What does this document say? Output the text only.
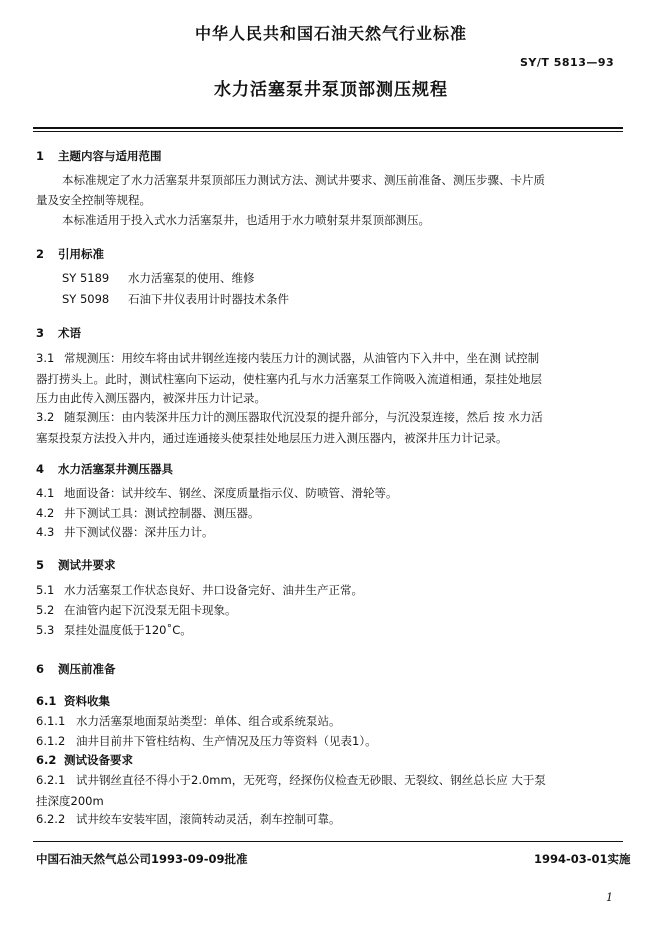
中华人民共和国石油天然气行业标准
SY/T 5813—93
水力活塞泵井泵顶部测压规程
1 主题内容与适用范围
本标准规定了水力活塞泵井泵顶部压力测试方法、测试井要求、测压前准备、测压步骤、卡片质
量及安全控制等规程。
本标准适用于投入式水力活塞泵井，也适用于水力喷射泵井泵顶部测压。
2 引用标准
SY 5189 水力活塞泵的使用、维修
SY 5098 石油下井仪表用计时器技术条件
3 术语
3.1 常规测压：用绞车将由试井钢丝连接内装压力计的测试器，从油管内下入井中，坐在测 试控制
器打捞头上。此时，测试柱塞向下运动，使柱塞内孔与水力活塞泵工作筒吸入流道相通，泵挂处地层
压力由此传入测压器内，被深井压力计记录。
3.2 随泵测压：由内装深井压力计的测压器取代沉没泵的提升部分，与沉没泵连接，然后 按 水力活
塞泵投泵方法投入井内，通过连通接头使泵挂处地层压力进入测压器内，被深井压力计记录。
4 水力活塞泵井测压器具
4.1 地面设备：试井绞车、钢丝、深度质量指示仪、防喷管、滑轮等。
4.2 井下测试工具：测试控制器、测压器。
4.3 井下测试仪器：深井压力计。
5 测试井要求
5.1 水力活塞泵工作状态良好、井口设备完好、油井生产正常。
5.2 在油管内起下沉没泵无阻卡现象。
5.3 泵挂处温度低于120˚C。
6 测压前准备
6.1 资料收集
6.1.1 水力活塞泵地面泵站类型：单体、组合或系统泵站。
6.1.2 油井目前井下管柱结构、生产情况及压力等资料（见表1）。
6.2 测试设备要求
6.2.1 试井钢丝直径不得小于2.0mm，无死弯，经探伤仪检查无砂眼、无裂纹、钢丝总长应 大于泵
挂深度200m
6.2.2 试井绞车安装牢固，滚筒转动灵活，刹车控制可靠。
中国石油天然气总公司1993-09-09批准	1994-03-01实施
1
